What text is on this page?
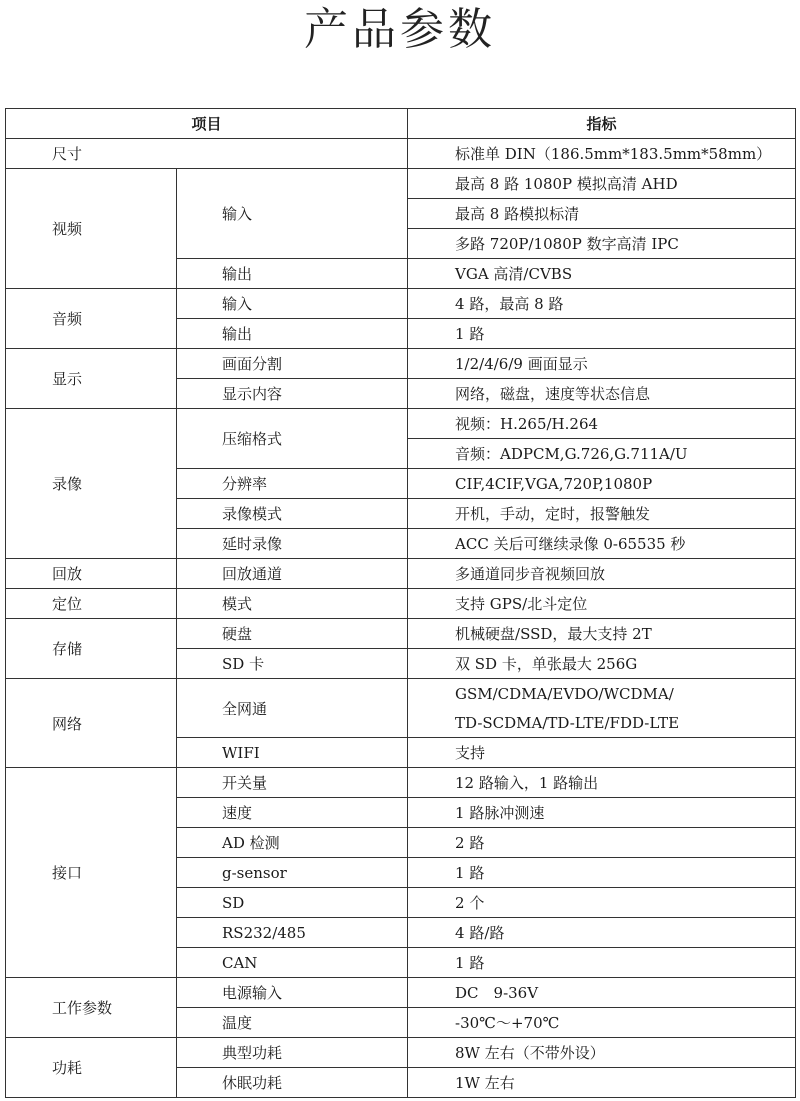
产品参数
项目		指标
尺寸		标准单 DIN（186.5mm*183.5mm*58mm）
视频	输入	最高 8 路 1080P 模拟高清 AHD
		最高 8 路模拟标清
		多路 720P/1080P 数字高清 IPC
	输出	VGA 高清/CVBS
音频	输入	4 路，最高 8 路
	输出	1 路
显示	画面分割	1/2/4/6/9 画面显示
	显示内容	网络，磁盘，速度等状态信息
录像	压缩格式	视频：H.265/H.264
		音频：ADPCM,G.726,G.711A/U
	分辨率	CIF,4CIF,VGA,720P,1080P
	录像模式	开机，手动，定时，报警触发
	延时录像	ACC 关后可继续录像 0-65535 秒
回放	回放通道	多通道同步音视频回放
定位	模式	支持 GPS/北斗定位
存储	硬盘	机械硬盘/SSD，最大支持 2T
	SD 卡	双 SD 卡，单张最大 256G
网络	全网通	GSM/CDMA/EVDO/WCDMA/
		TD-SCDMA/TD-LTE/FDD-LTE
	WIFI	支持
接口	开关量	12 路输入，1 路输出
	速度	1 路脉冲测速
	AD 检测	2 路
	g-sensor	1 路
	SD	2 个
	RS232/485	4 路/路
	CAN	1 路
工作参数	电源输入	DC　9-36V
	温度	-30℃～+70℃
功耗	典型功耗	8W 左右（不带外设）
	休眠功耗	1W 左右
